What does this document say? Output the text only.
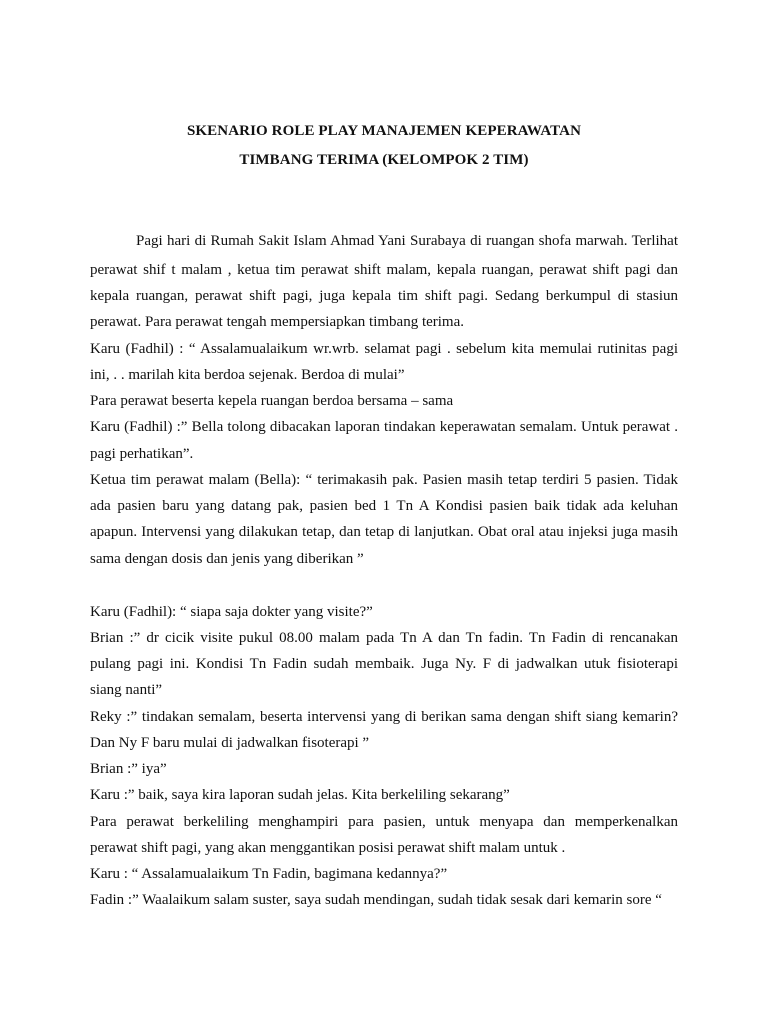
SKENARIO ROLE PLAY MANAJEMEN KEPERAWATAN
TIMBANG TERIMA (KELOMPOK 2 TIM)
Pagi hari di Rumah Sakit Islam Ahmad Yani Surabaya di ruangan shofa marwah. Terlihat
perawat shif t malam , ketua tim perawat shift malam, kepala ruangan, perawat shift pagi dan
kepala ruangan, perawat shift pagi, juga kepala tim shift pagi. Sedang berkumpul di stasiun
perawat. Para perawat tengah mempersiapkan timbang terima.
Karu (Fadhil) : “ Assalamualaikum wr.wrb. selamat pagi . sebelum kita memulai rutinitas pagi
ini, . . marilah kita berdoa sejenak. Berdoa di mulai”
Para perawat beserta kepela ruangan berdoa bersama – sama
Karu (Fadhil) :” Bella tolong dibacakan laporan tindakan keperawatan semalam. Untuk perawat .
pagi perhatikan”.
Ketua tim perawat malam (Bella): “ terimakasih pak. Pasien masih tetap terdiri 5 pasien. Tidak
ada pasien baru yang datang pak, pasien bed 1 Tn A Kondisi pasien baik tidak ada keluhan
apapun. Intervensi yang dilakukan tetap, dan tetap di lanjutkan. Obat oral atau injeksi juga masih
sama dengan dosis dan jenis yang diberikan ”
Karu (Fadhil): “ siapa saja dokter yang visite?”
Brian :” dr cicik visite pukul 08.00 malam pada Tn A dan Tn fadin. Tn Fadin di rencanakan
pulang pagi ini. Kondisi Tn Fadin sudah membaik. Juga Ny. F di jadwalkan utuk fisioterapi
siang nanti”
Reky :” tindakan semalam, beserta intervensi yang di berikan sama dengan shift siang kemarin?
Dan Ny F baru mulai di jadwalkan fisoterapi ”
Brian :” iya”
Karu :” baik, saya kira laporan sudah jelas. Kita berkeliling sekarang”
Para perawat berkeliling menghampiri para pasien, untuk menyapa dan memperkenalkan
perawat shift pagi, yang akan menggantikan posisi perawat shift malam untuk .
Karu : “ Assalamualaikum Tn Fadin, bagimana kedannya?”
Fadin :” Waalaikum salam suster, saya sudah mendingan, sudah tidak sesak dari kemarin sore “
